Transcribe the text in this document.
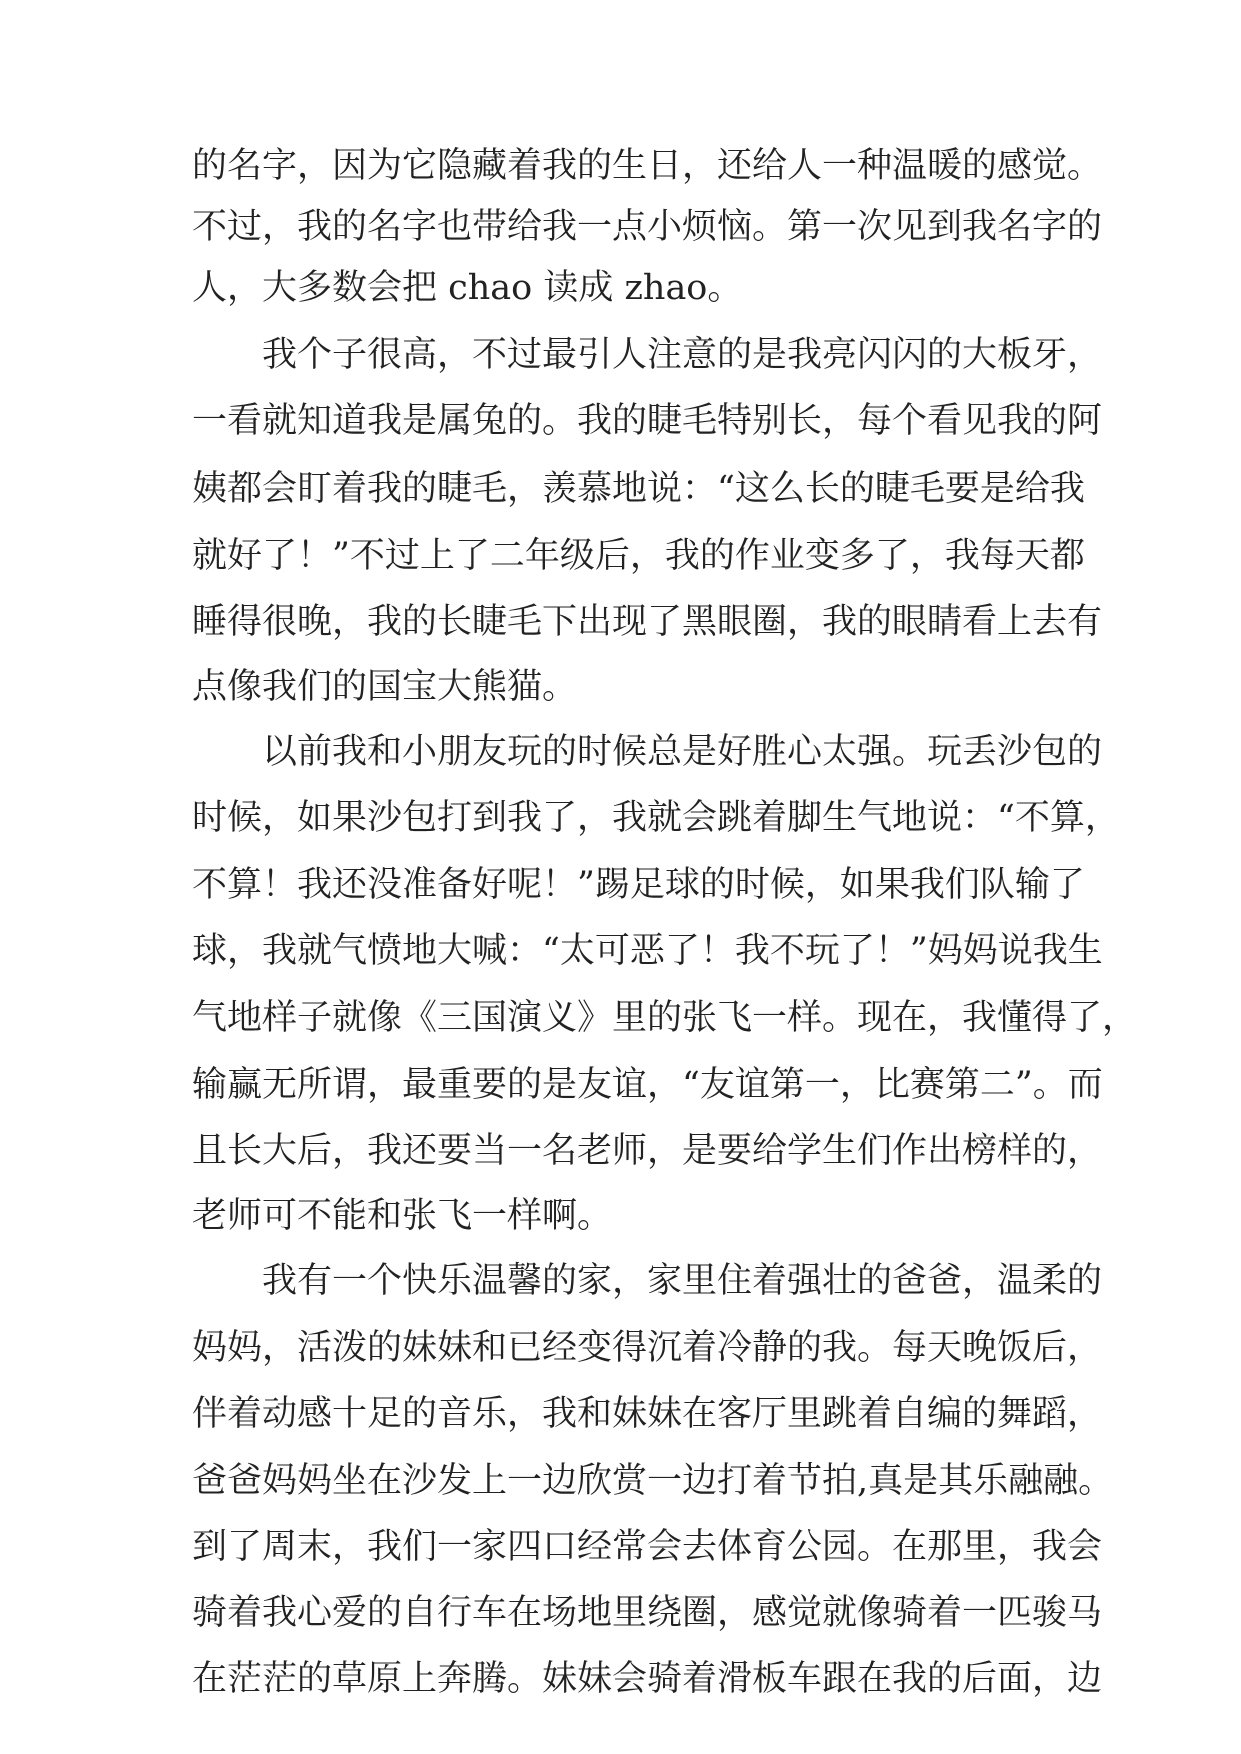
的名字，因为它隐藏着我的生日，还给人一种温暖的感觉。
不过，我的名字也带给我一点小烦恼。第一次见到我名字的
人，大多数会把 chao 读成 zhao。
我个子很高，不过最引人注意的是我亮闪闪的大板牙，
一看就知道我是属兔的。我的睫毛特别长，每个看见我的阿
姨都会盯着我的睫毛，羡慕地说：“这么长的睫毛要是给我
就好了！”不过上了二年级后，我的作业变多了，我每天都
睡得很晚，我的长睫毛下出现了黑眼圈，我的眼睛看上去有
点像我们的国宝大熊猫。
以前我和小朋友玩的时候总是好胜心太强。玩丢沙包的
时候，如果沙包打到我了，我就会跳着脚生气地说：“不算，
不算！我还没准备好呢！”踢足球的时候，如果我们队输了
球，我就气愤地大喊：“太可恶了！我不玩了！”妈妈说我生
气地样子就像《三国演义》里的张飞一样。现在，我懂得了，
输赢无所谓，最重要的是友谊，“友谊第一，比赛第二”。而
且长大后，我还要当一名老师，是要给学生们作出榜样的，
老师可不能和张飞一样啊。
我有一个快乐温馨的家，家里住着强壮的爸爸，温柔的
妈妈，活泼的妹妹和已经变得沉着冷静的我。每天晚饭后，
伴着动感十足的音乐，我和妹妹在客厅里跳着自编的舞蹈，
爸爸妈妈坐在沙发上一边欣赏一边打着节拍,真是其乐融融。
到了周末，我们一家四口经常会去体育公园。在那里，我会
骑着我心爱的自行车在场地里绕圈，感觉就像骑着一匹骏马
在茫茫的草原上奔腾。妹妹会骑着滑板车跟在我的后面，边
